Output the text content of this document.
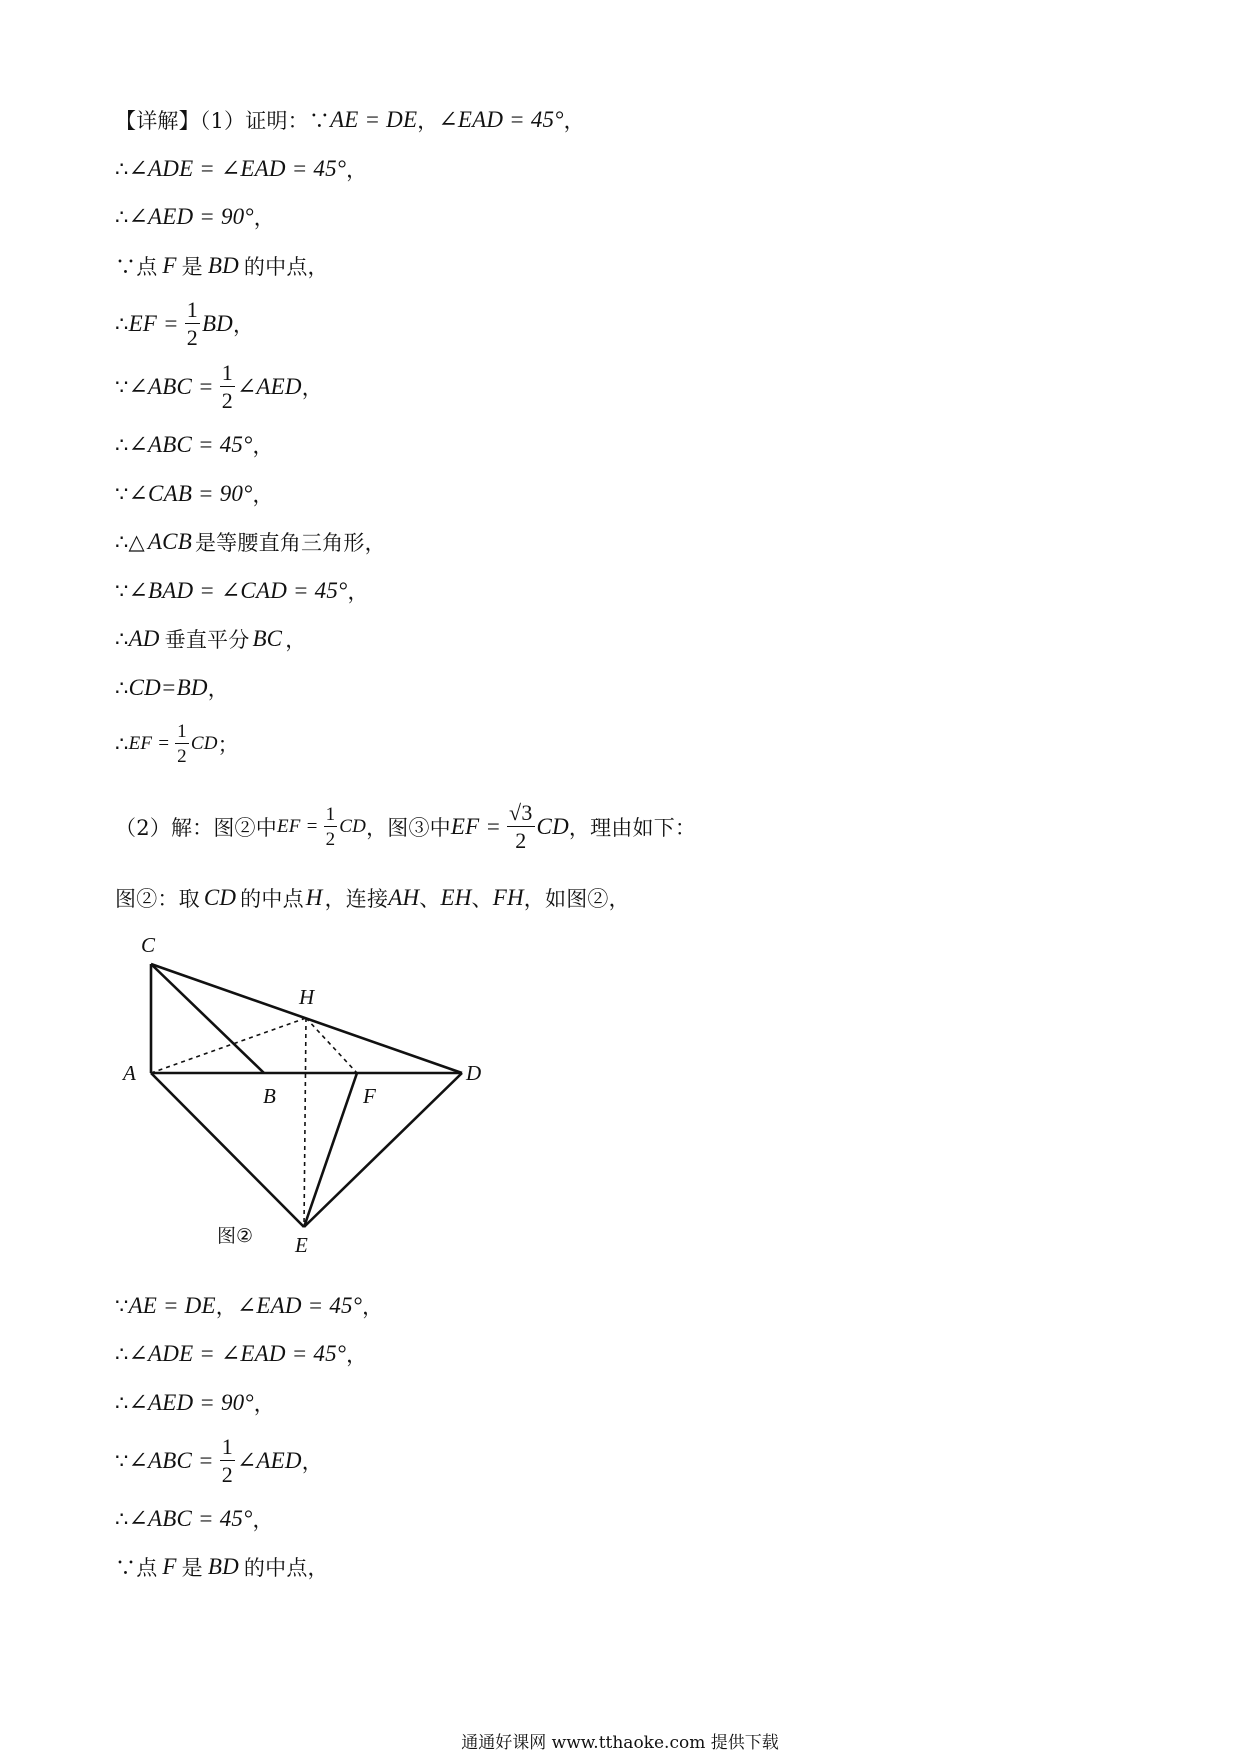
【详解】（1）证明：∵ AE = DE ， ∠EAD = 45° ，
∴ ∠ADE = ∠EAD = 45° ，
∴ ∠AED = 90° ，
∵点 F 是 BD 的中点，
∴ EF = $\frac{1}{2}$ BD ，
∵ ∠ABC = $\frac{1}{2}$ ∠AED ，
∴ ∠ABC = 45° ，
∵ ∠CAB = 90° ，
∴△ ACB 是等腰直角三角形，
∵ ∠BAD = ∠CAD = 45° ，
∴ AD 垂直平分 BC ，
∴ CD=BD ，
∴ EF = $\frac{1}{2}$ CD ；
（2）解：图②中 EF = $\frac{1}{2}$ CD ，图③中 EF = $\frac{√3}{2}$ CD ，理由如下：
图②：取 CD 的中点 H ，连接 AH 、 EH 、 FH ，如图②，
C
H
A
B	F
D
E
图②
∵ AE = DE ， ∠EAD = 45° ，
∴ ∠ADE = ∠EAD = 45° ，
∴ ∠AED = 90° ，
∵ ∠ABC = $\frac{1}{2}$ ∠AED ，
∴ ∠ABC = 45° ，
∵点 F 是 BD 的中点，
通通好课网 www.tthaoke.com 提供下载
